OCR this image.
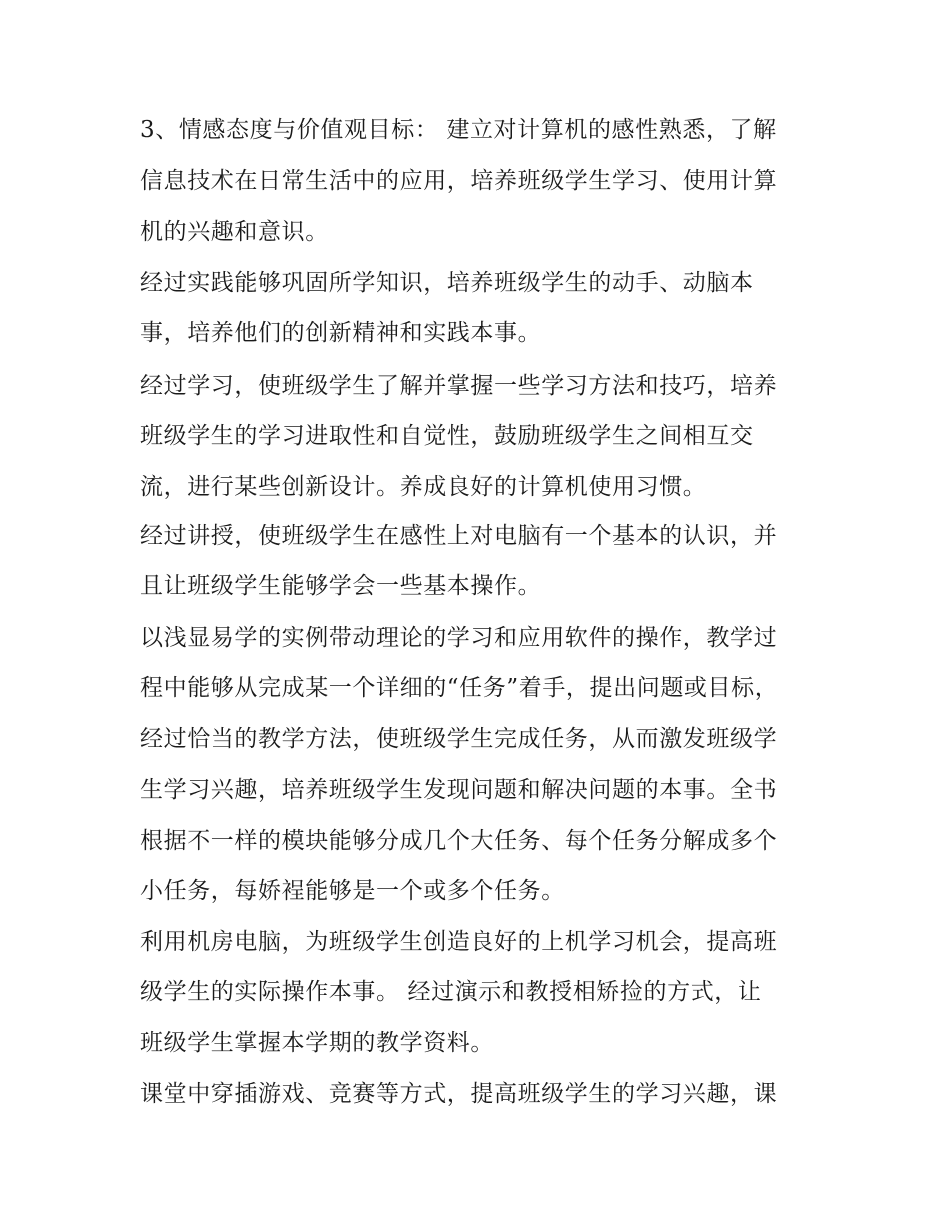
3、情感态度与价值观目标： 建立对计算机的感性熟悉，了解
信息技术在日常生活中的应用，培养班级学生学习、使用计算
机的兴趣和意识。
经过实践能够巩固所学知识，培养班级学生的动手、动脑本
事，培养他们的创新精神和实践本事。
经过学习，使班级学生了解并掌握一些学习方法和技巧，培养
班级学生的学习进取性和自觉性，鼓励班级学生之间相互交
流，进行某些创新设计。养成良好的计算机使用习惯。
经过讲授，使班级学生在感性上对电脑有一个基本的认识，并
且让班级学生能够学会一些基本操作。
以浅显易学的实例带动理论的学习和应用软件的操作，教学过
程中能够从完成某一个详细的“任务”着手，提出问题或目标，
经过恰当的教学方法，使班级学生完成任务，从而激发班级学
生学习兴趣，培养班级学生发现问题和解决问题的本事。全书
根据不一样的模块能够分成几个大任务、每个任务分解成多个
小任务，每娇裎能够是一个或多个任务。
利用机房电脑，为班级学生创造良好的上机学习机会，提高班
级学生的实际操作本事。 经过演示和教授相矫捡的方式，让
班级学生掌握本学期的教学资料。
课堂中穿插游戏、竞赛等方式，提高班级学生的学习兴趣，课
